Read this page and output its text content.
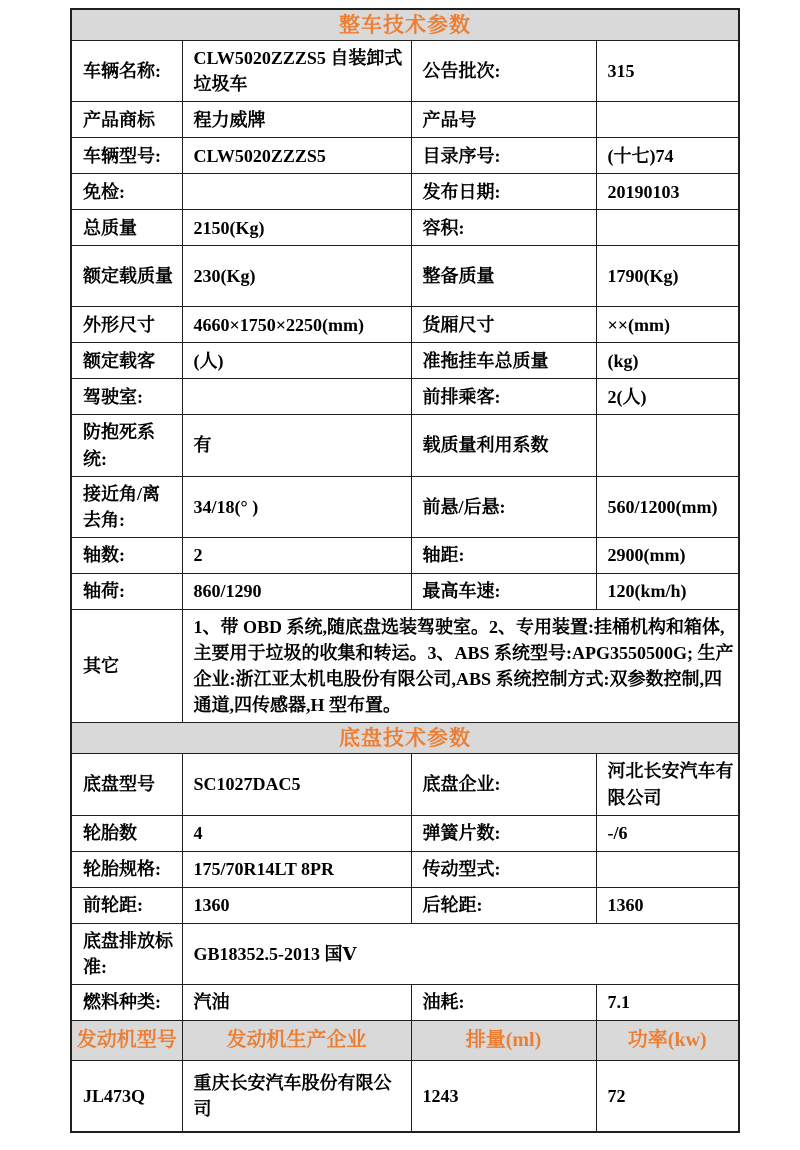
整车技术参数			
车辆名称:	CLW5020ZZZS5 自装卸式垃圾车	公告批次:	315
产品商标	程力威牌	产品号	
车辆型号:	CLW5020ZZZS5	目录序号:	(十七)74
免检:		发布日期:	20190103
总质量	2150(Kg)	容积:	
额定载质量	230(Kg)	整备质量	1790(Kg)
外形尺寸	4660×1750×2250(mm)	货厢尺寸	××(mm)
额定载客	(人)	准拖挂车总质量	(kg)
驾驶室:		前排乘客:	2(人)
防抱死系统:	有	载质量利用系数	
接近角/离去角:	34/18(° )	前悬/后悬:	560/1200(mm)
轴数:	2	轴距:	2900(mm)
轴荷:	860/1290	最高车速:	120(km/h)
其它	1、带 OBD 系统,随底盘选装驾驶室。2、专用装置:挂桶机构和箱体,主要用于垃圾的收集和转运。3、ABS 系统型号:APG3550500G; 生产企业:浙江亚太机电股份有限公司,ABS 系统控制方式:双参数控制,四通道,四传感器,H 型布置。		
底盘技术参数			
底盘型号	SC1027DAC5	底盘企业:	河北长安汽车有限公司
轮胎数	4	弹簧片数:	-/6
轮胎规格:	175/70R14LT 8PR	传动型式:	
前轮距:	1360	后轮距:	1360
底盘排放标准:	GB18352.5-2013 国Ⅴ		
燃料种类:	汽油	油耗:	7.1
发动机型号	发动机生产企业	排量(ml)	功率(kw)
JL473Q	重庆长安汽车股份有限公司	1243	72
